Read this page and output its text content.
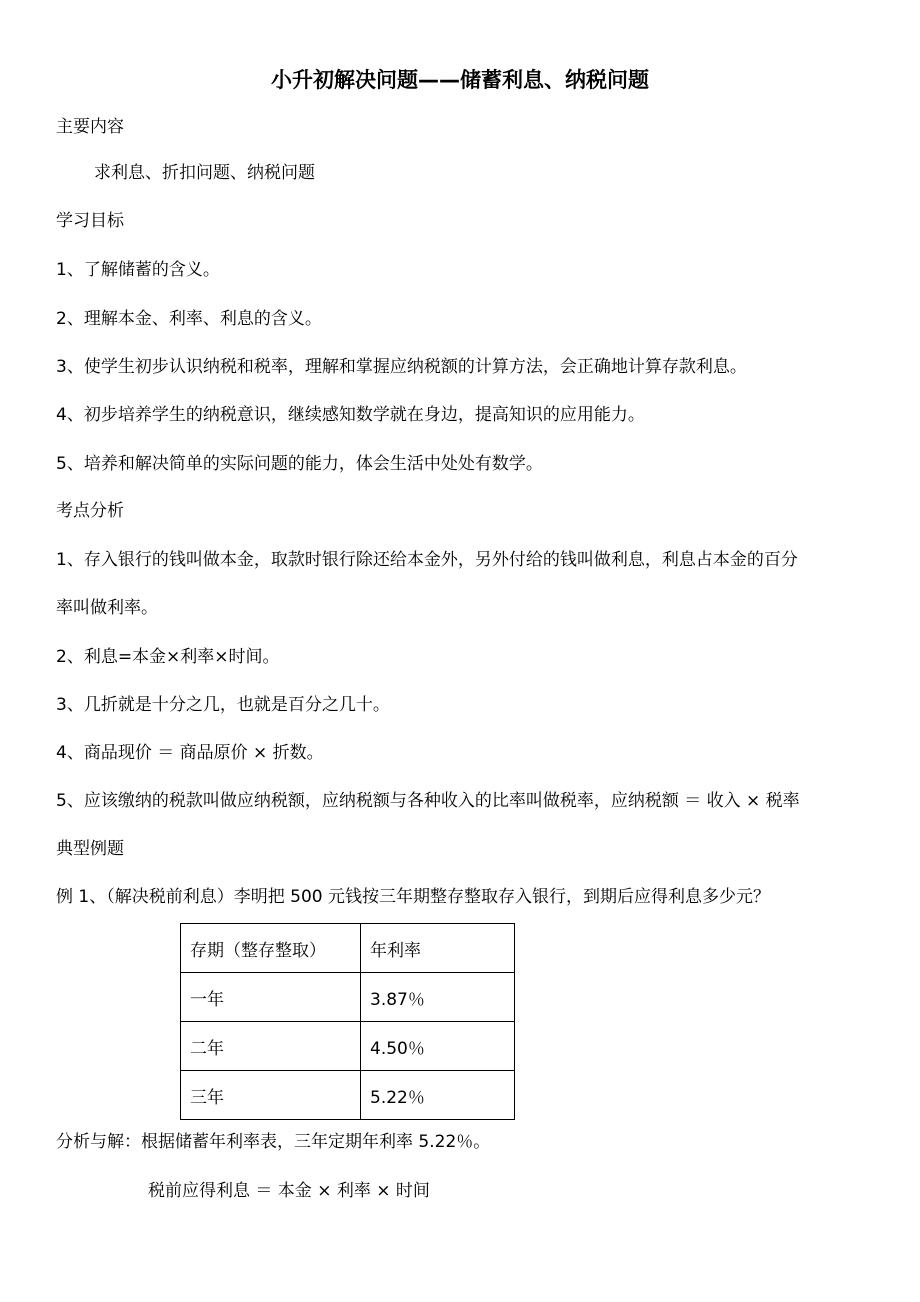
小升初解决问题——储蓄利息、纳税问题
主要内容
求利息、折扣问题、纳税问题
学习目标
1、了解储蓄的含义。
2、理解本金、利率、利息的含义。
3、使学生初步认识纳税和税率，理解和掌握应纳税额的计算方法，会正确地计算存款利息。
4、初步培养学生的纳税意识，继续感知数学就在身边，提高知识的应用能力。
5、培养和解决简单的实际问题的能力，体会生活中处处有数学。
考点分析
1、存入银行的钱叫做本金，取款时银行除还给本金外，另外付给的钱叫做利息，利息占本金的百分
率叫做利率。
2、利息=本金×利率×时间。
3、几折就是十分之几，也就是百分之几十。
4、商品现价 ＝ 商品原价 × 折数。
5、应该缴纳的税款叫做应纳税额，应纳税额与各种收入的比率叫做税率，应纳税额 ＝ 收入 × 税率
典型例题
例 1、（解决税前利息）李明把 500 元钱按三年期整存整取存入银行，到期后应得利息多少元？
存期（整存整取）	年利率
一年	3.87％
二年	4.50％
三年	5.22％
分析与解：根据储蓄年利率表，三年定期年利率 5.22％。
税前应得利息 ＝ 本金 × 利率 × 时间
